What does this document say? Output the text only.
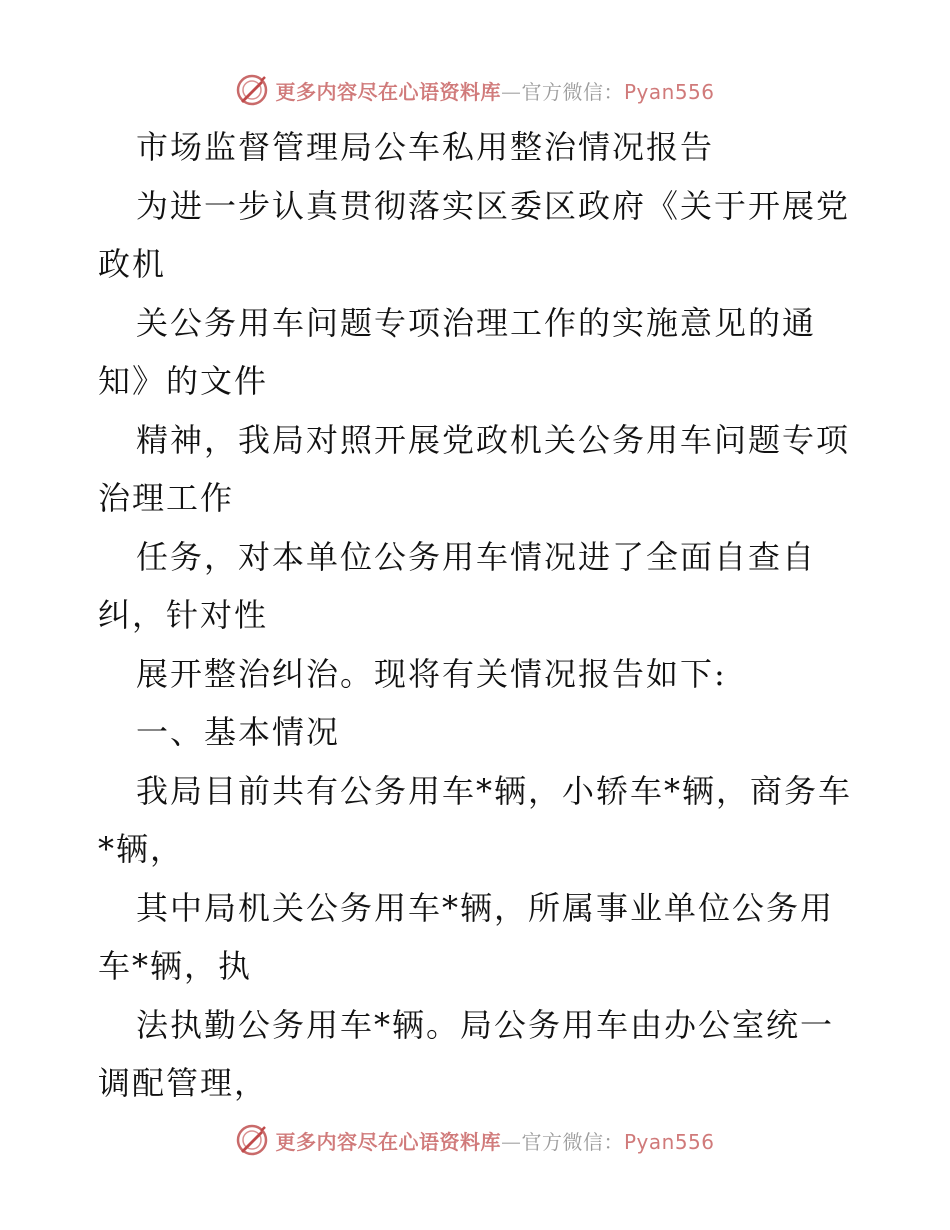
更多内容尽在心语资料库—官方微信：Pyan556
市场监督管理局公车私用整治情况报告
为进一步认真贯彻落实区委区政府《关于开展党
政机
关公务用车问题专项治理工作的实施意见的通
知》的文件
精神，我局对照开展党政机关公务用车问题专项
治理工作
任务，对本单位公务用车情况进了全面自查自
纠，针对性
展开整治纠治。现将有关情况报告如下:
一、基本情况
我局目前共有公务用车*辆，小轿车*辆，商务车
*辆，
其中局机关公务用车*辆，所属事业单位公务用
车*辆，执
法执勤公务用车*辆。局公务用车由办公室统一
调配管理，
更多内容尽在心语资料库—官方微信：Pyan556
